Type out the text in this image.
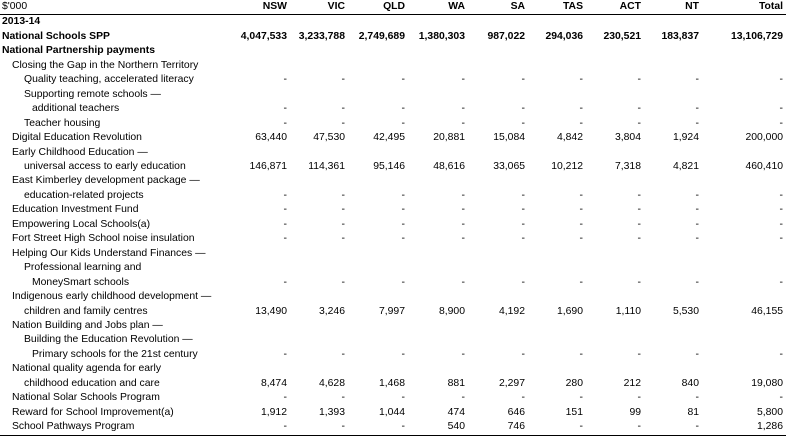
$'000	NSW	VIC	QLD	WA	SA	TAS	ACT	NT	Total
2013-14									
National Schools SPP	4,047,533	3,233,788	2,749,689	1,380,303	987,022	294,036	230,521	183,837	13,106,729
National Partnership payments									
Closing the Gap in the Northern Territory									
Quality teaching, accelerated literacy	-	-	-	-	-	-	-	-	-
Supporting remote schools —									
additional teachers	-	-	-	-	-	-	-	-	-
Teacher housing	-	-	-	-	-	-	-	-	-
Digital Education Revolution	63,440	47,530	42,495	20,881	15,084	4,842	3,804	1,924	200,000
Early Childhood Education —									
universal access to early education	146,871	114,361	95,146	48,616	33,065	10,212	7,318	4,821	460,410
East Kimberley development package —									
education-related projects	-	-	-	-	-	-	-	-	-
Education Investment Fund	-	-	-	-	-	-	-	-	-
Empowering Local Schools(a)	-	-	-	-	-	-	-	-	-
Fort Street High School noise insulation	-	-	-	-	-	-	-	-	-
Helping Our Kids Understand Finances —									
Professional learning and									
MoneySmart schools	-	-	-	-	-	-	-	-	-
Indigenous early childhood development —									
children and family centres	13,490	3,246	7,997	8,900	4,192	1,690	1,110	5,530	46,155
Nation Building and Jobs plan —									
Building the Education Revolution —									
Primary schools for the 21st century	-	-	-	-	-	-	-	-	-
National quality agenda for early									
childhood education and care	8,474	4,628	1,468	881	2,297	280	212	840	19,080
National Solar Schools Program	-	-	-	-	-	-	-	-	-
Reward for School Improvement(a)	1,912	1,393	1,044	474	646	151	99	81	5,800
School Pathways Program	-	-	-	540	746	-	-	-	1,286
